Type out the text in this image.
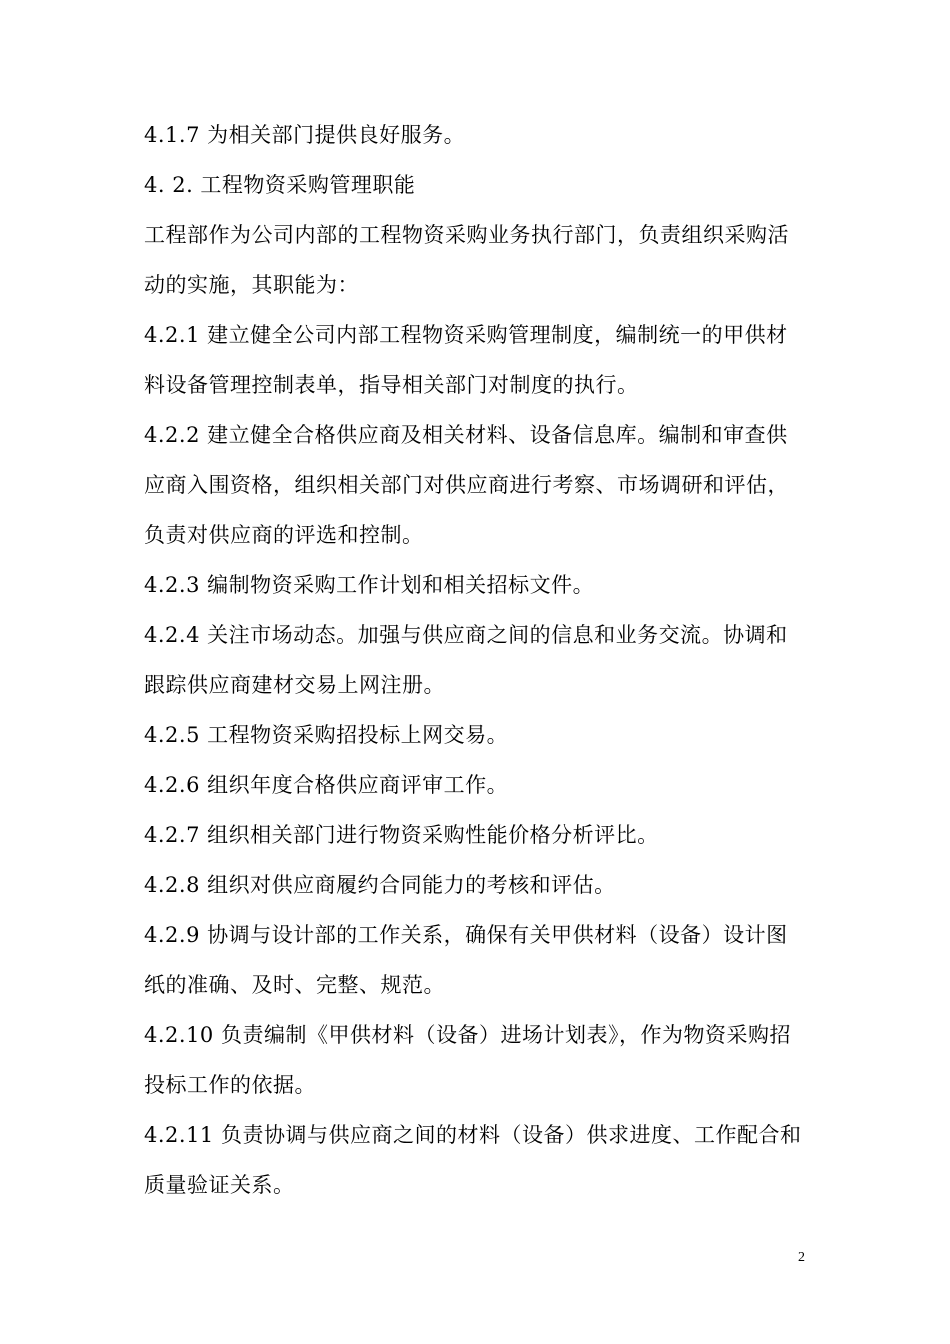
4.1.7 为相关部门提供良好服务。
4. 2. 工程物资采购管理职能
工程部作为公司内部的工程物资采购业务执行部门，负责组织采购活
动的实施，其职能为：
4.2.1 建立健全公司内部工程物资采购管理制度，编制统一的甲供材
料设备管理控制表单，指导相关部门对制度的执行。
4.2.2 建立健全合格供应商及相关材料、设备信息库。编制和审查供
应商入围资格，组织相关部门对供应商进行考察、市场调研和评估，
负责对供应商的评选和控制。
4.2.3 编制物资采购工作计划和相关招标文件。
4.2.4 关注市场动态。加强与供应商之间的信息和业务交流。协调和
跟踪供应商建材交易上网注册。
4.2.5 工程物资采购招投标上网交易。
4.2.6 组织年度合格供应商评审工作。
4.2.7 组织相关部门进行物资采购性能价格分析评比。
4.2.8 组织对供应商履约合同能力的考核和评估。
4.2.9 协调与设计部的工作关系，确保有关甲供材料（设备）设计图
纸的准确、及时、完整、规范。
4.2.10 负责编制《甲供材料（设备）进场计划表》，作为物资采购招
投标工作的依据。
4.2.11 负责协调与供应商之间的材料（设备）供求进度、工作配合和
质量验证关系。
2
